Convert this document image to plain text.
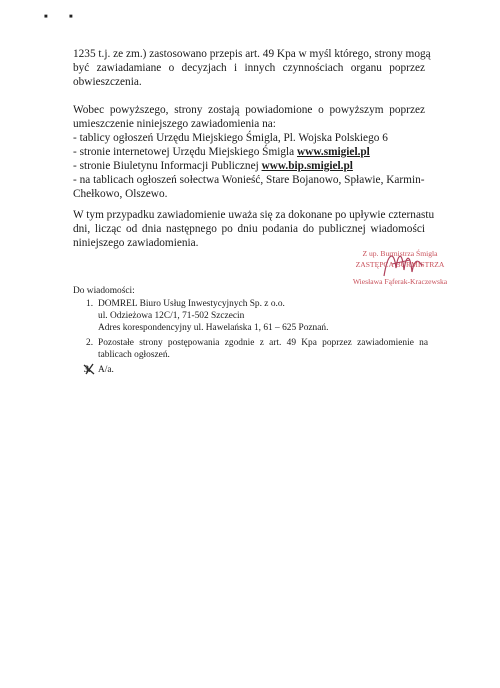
■	■
1235 t.j. ze zm.) zastosowano przepis art. 49 Kpa w myśl którego, strony mogą
być zawiadamiane o decyzjach i innych czynnościach organu poprzez
obwieszczenia.
Wobec powyższego, strony zostają powiadomione o powyższym poprzez
umieszczenie niniejszego zawiadomienia na:
- tablicy ogłoszeń Urzędu Miejskiego Śmigla, Pl. Wojska Polskiego 6
- stronie internetowej Urzędu Miejskiego Śmigla www.smigiel.pl
- stronie Biuletynu Informacji Publicznej www.bip.smigiel.pl
- na tablicach ogłoszeń sołectwa Wonieść, Stare Bojanowo, Spławie, Karmin-
Chełkowo, Olszewo.
W tym przypadku zawiadomienie uważa się za dokonane po upływie czternastu
dni, licząc od dnia następnego po dniu podania do publicznej wiadomości
niniejszego zawiadomienia.
Z up. Burmistrza Śmigla
ZASTĘPCA BURMISTRZA
Wiesława Fąferak-Kraczewska
Do wiadomości:
1. DOMREL Biuro Usług Inwestycyjnych Sp. z o.o.
ul. Odzieżowa 12C/1, 71-502 Szczecin
Adres korespondencyjny ul. Hawelańska 1, 61 – 625 Poznań.
2. Pozostałe strony postępowania zgodnie z art. 49 Kpa poprzez zawiadomienie na
tablicach ogłoszeń.
3. A/a.
